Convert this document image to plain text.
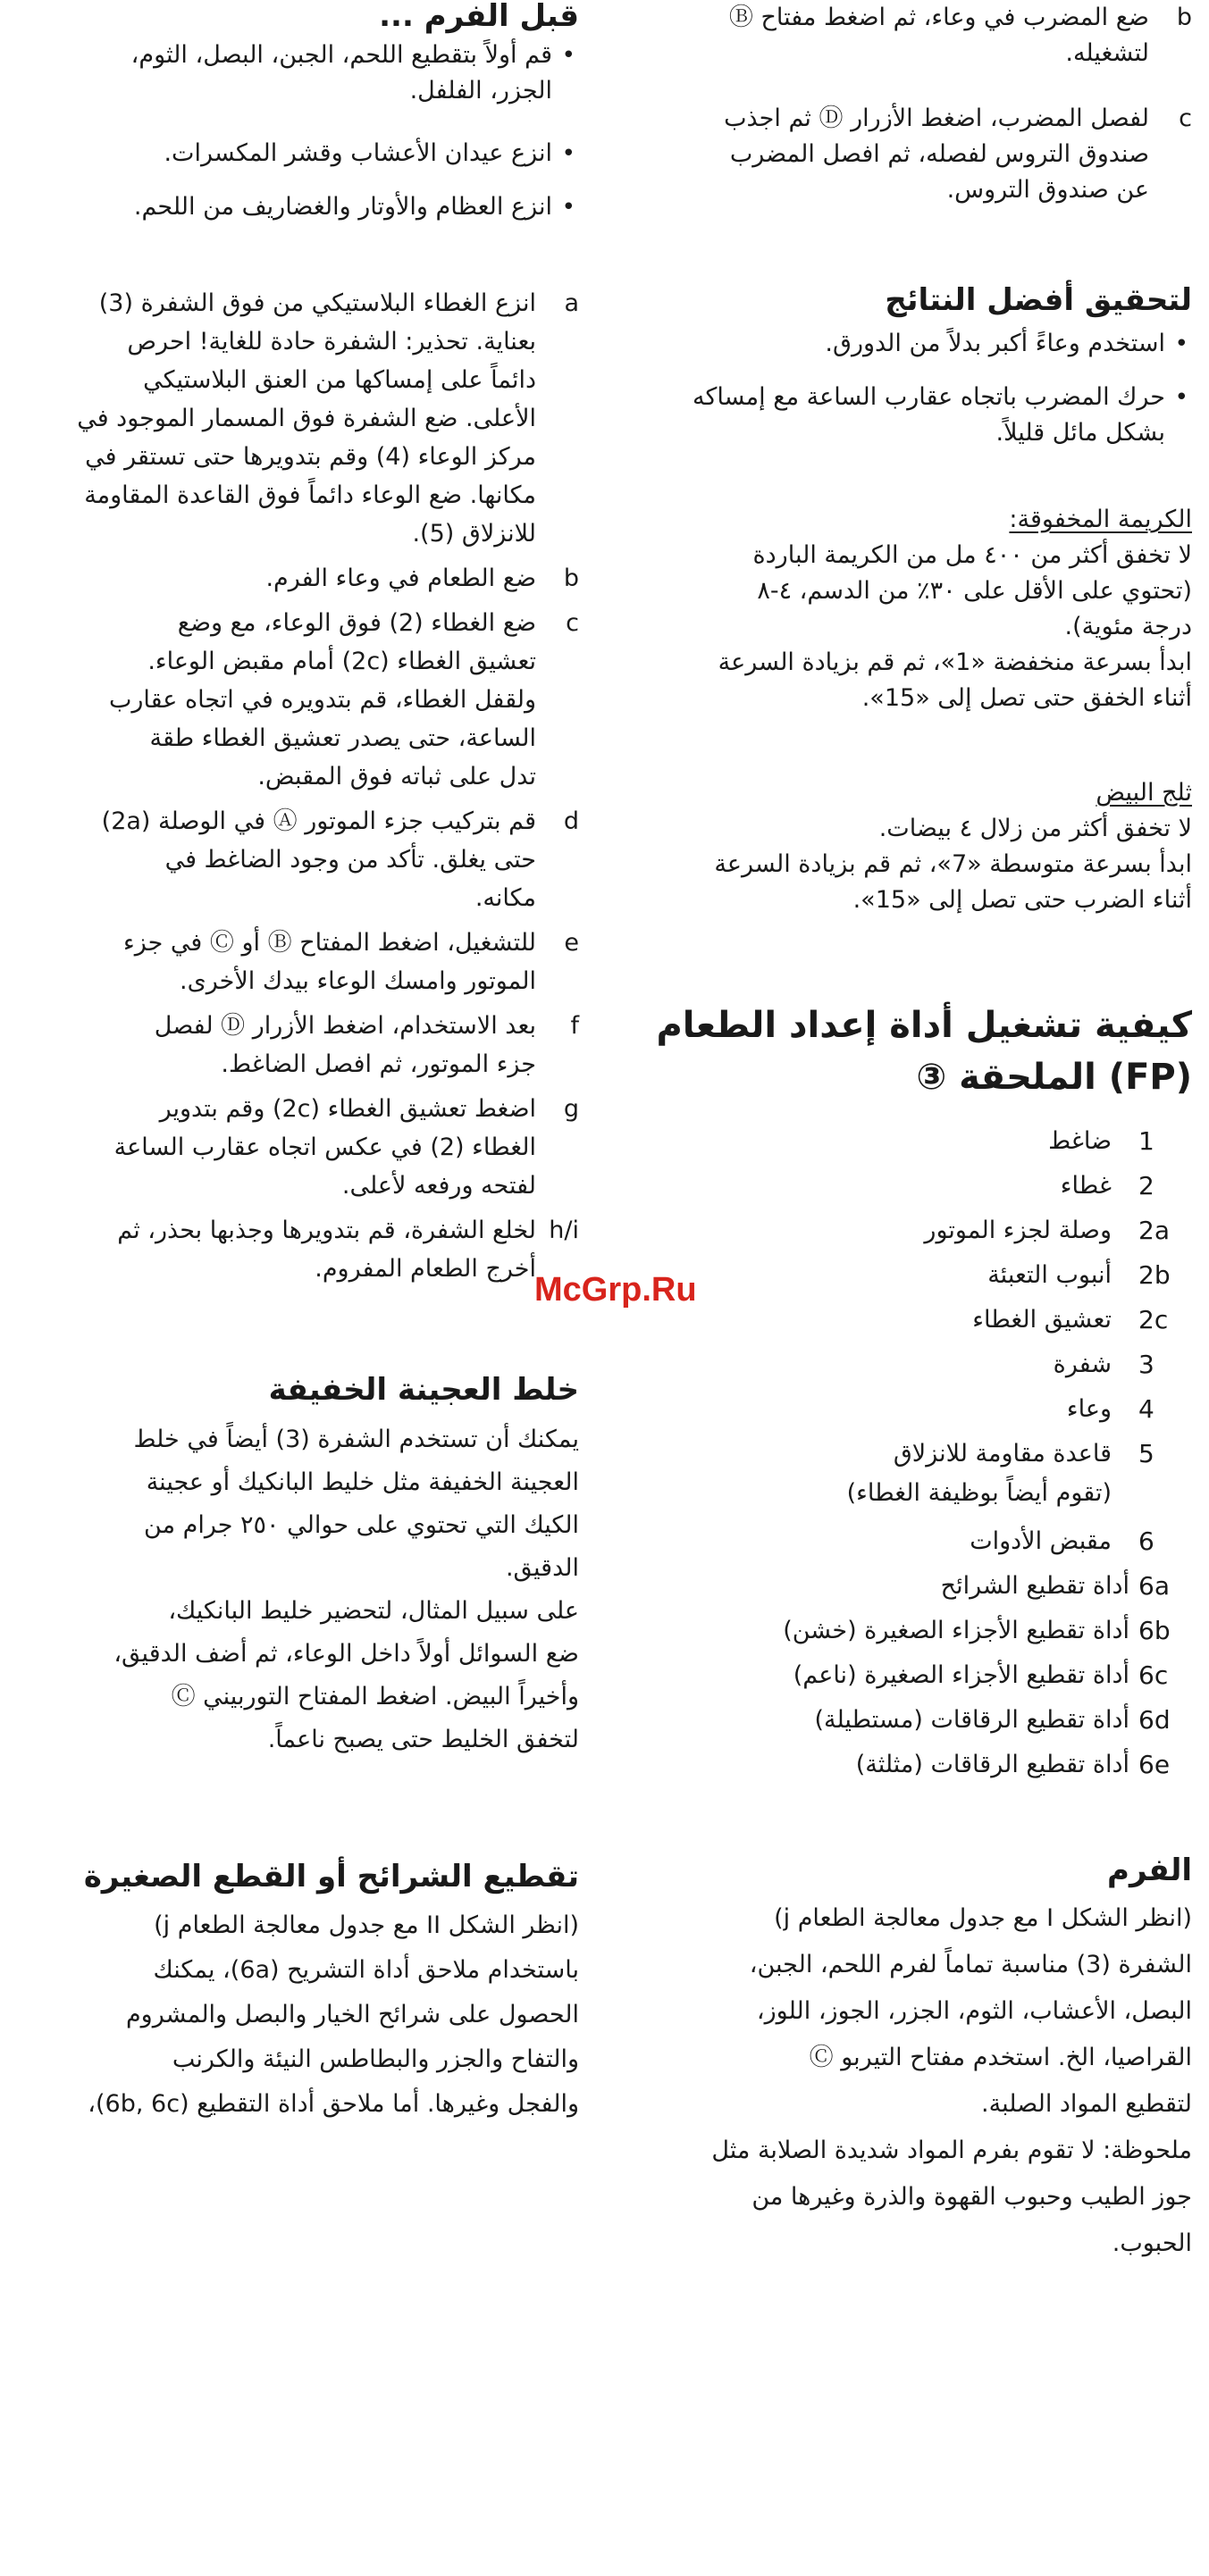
b
ضع المضرب في وعاء، ثم اضغط مفتاح Ⓑ
لتشغيله.
c
لفصل المضرب، اضغط الأزرار Ⓓ ثم اجذب
صندوق التروس لفصله، ثم افصل المضرب
عن صندوق التروس.
لتحقيق أفضل النتائج
•
استخدم وعاءً أكبر بدلاً من الدورق.
•
حرك المضرب باتجاه عقارب الساعة مع إمساكه
بشكل مائل قليلاً.
الكريمة المخفوقة:
لا تخفق أكثر من ٤٠٠ مل من الكريمة الباردة
(تحتوي على الأقل على ٣٠٪ من الدسم، ٤-٨
درجة مئوية).
ابدأ بسرعة منخفضة «1»، ثم قم بزيادة السرعة
أثناء الخفق حتى تصل إلى «15».
ثلج البيض
لا تخفق أكثر من زلال ٤ بيضات.
ابدأ بسرعة متوسطة «7»، ثم قم بزيادة السرعة
أثناء الضرب حتى تصل إلى «15».
كيفية تشغيل أداة إعداد الطعام
(FP) الملحقة ③
1
ضاغط
2
غطاء
2a
وصلة لجزء الموتور
2b
أنبوب التعبئة
2c
تعشيق الغطاء
3
شفرة
4
وعاء
5
قاعدة مقاومة للانزلاق
(تقوم أيضاً بوظيفة الغطاء)
6
مقبض الأدوات
6a
أداة تقطيع الشرائح
6b
أداة تقطيع الأجزاء الصغيرة (خشن)
6c
أداة تقطيع الأجزاء الصغيرة (ناعم)
6d
أداة تقطيع الرقاقات (مستطيلة)
6e
أداة تقطيع الرقاقات (مثلثة)
الفرم
(انظر الشكل I مع جدول معالجة الطعام j)
الشفرة (3) مناسبة تماماً لفرم اللحم، الجبن،
البصل، الأعشاب، الثوم، الجزر، الجوز، اللوز،
القراصيا، الخ. استخدم مفتاح التيربو Ⓒ
لتقطيع المواد الصلبة.
ملحوظة: لا تقوم بفرم المواد شديدة الصلابة مثل
جوز الطيب وحبوب القهوة والذرة وغيرها من
الحبوب.
قبل الفرم ...
•
قم أولاً بتقطيع اللحم، الجبن، البصل، الثوم،
الجزر، الفلفل.
•
انزع عيدان الأعشاب وقشر المكسرات.
•
انزع العظام والأوتار والغضاريف من اللحم.
a
انزع الغطاء البلاستيكي من فوق الشفرة (3)
بعناية. تحذير: الشفرة حادة للغاية! احرص
دائماً على إمساكها من العنق البلاستيكي
الأعلى. ضع الشفرة فوق المسمار الموجود في
مركز الوعاء (4) وقم بتدويرها حتى تستقر في
مكانها. ضع الوعاء دائماً فوق القاعدة المقاومة
للانزلاق (5).
b
ضع الطعام في وعاء الفرم.
c
ضع الغطاء (2) فوق الوعاء، مع وضع
تعشيق الغطاء (2c) أمام مقبض الوعاء.
ولقفل الغطاء، قم بتدويره في اتجاه عقارب
الساعة، حتى يصدر تعشيق الغطاء طقة
تدل على ثباته فوق المقبض.
d
قم بتركيب جزء الموتور Ⓐ في الوصلة (2a)
حتى يغلق. تأكد من وجود الضاغط في
مكانه.
e
للتشغيل، اضغط المفتاح Ⓑ أو Ⓒ في جزء
الموتور وامسك الوعاء بيدك الأخرى.
f
بعد الاستخدام، اضغط الأزرار Ⓓ لفصل
جزء الموتور، ثم افصل الضاغط.
g
اضغط تعشيق الغطاء (2c) وقم بتدوير
الغطاء (2) في عكس اتجاه عقارب الساعة
لفتحه ورفعه لأعلى.
h/i
لخلع الشفرة، قم بتدويرها وجذبها بحذر، ثم
أخرج الطعام المفروم.
خلط العجينة الخفيفة
يمكنك أن تستخدم الشفرة (3) أيضاً في خلط
العجينة الخفيفة مثل خليط البانكيك أو عجينة
الكيك التي تحتوي على حوالي ٢٥٠ جرام من
الدقيق.
على سبيل المثال، لتحضير خليط البانكيك،
ضع السوائل أولاً داخل الوعاء، ثم أضف الدقيق،
وأخيراً البيض. اضغط المفتاح التوربيني Ⓒ
لتخفق الخليط حتى يصبح ناعماً.
تقطيع الشرائح أو القطع الصغيرة
(انظر الشكل II مع جدول معالجة الطعام j)
باستخدام ملاحق أداة التشريح (6a)، يمكنك
الحصول على شرائح الخيار والبصل والمشروم
والتفاح والجزر والبطاطس النيئة والكرنب
والفجل وغيرها. أما ملاحق أداة التقطيع (6b, 6c)،
McGrp.Ru
